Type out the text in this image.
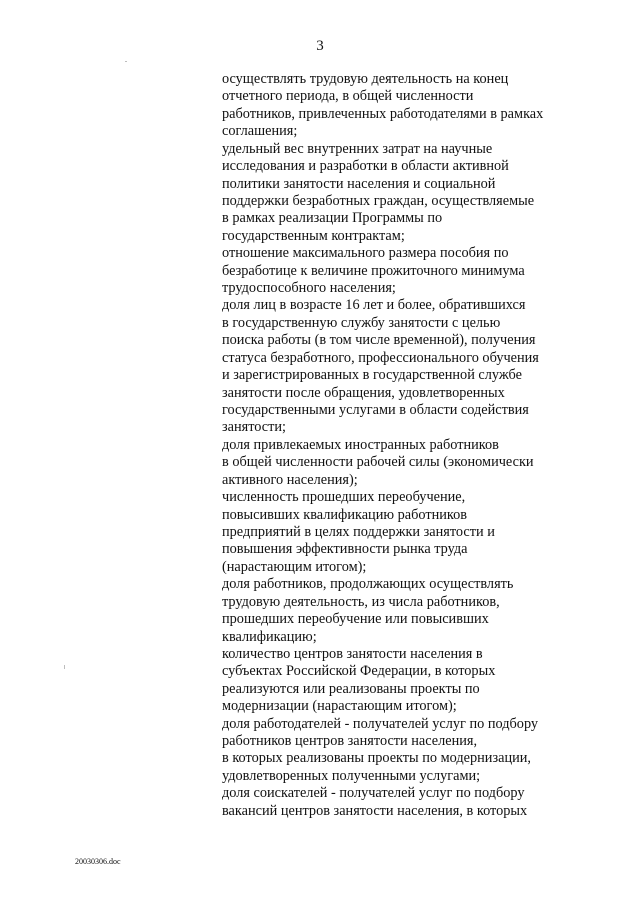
3
осуществлять трудовую деятельность на конец
отчетного периода, в общей численности
работников, привлеченных работодателями в рамках
соглашения;
удельный вес внутренних затрат на научные
исследования и разработки в области активной
политики занятости населения и социальной
поддержки безработных граждан, осуществляемые
в рамках реализации Программы по
государственным контрактам;
отношение максимального размера пособия по
безработице к величине прожиточного минимума
трудоспособного населения;
доля лиц в возрасте 16 лет и более, обратившихся
в государственную службу занятости с целью
поиска работы (в том числе временной), получения
статуса безработного, профессионального обучения
и зарегистрированных в государственной службе
занятости после обращения, удовлетворенных
государственными услугами в области содействия
занятости;
доля привлекаемых иностранных работников
в общей численности рабочей силы (экономически
активного населения);
численность прошедших переобучение,
повысивших квалификацию работников
предприятий в целях поддержки занятости и
повышения эффективности рынка труда
(нарастающим итогом);
доля работников, продолжающих осуществлять
трудовую деятельность, из числа работников,
прошедших переобучение или повысивших
квалификацию;
количество центров занятости населения в
субъектах Российской Федерации, в которых
реализуются или реализованы проекты по
модернизации (нарастающим итогом);
доля работодателей - получателей услуг по подбору
работников центров занятости населения,
в которых реализованы проекты по модернизации,
удовлетворенных полученными услугами;
доля соискателей - получателей услуг по подбору
вакансий центров занятости населения, в которых
20030306.doc
